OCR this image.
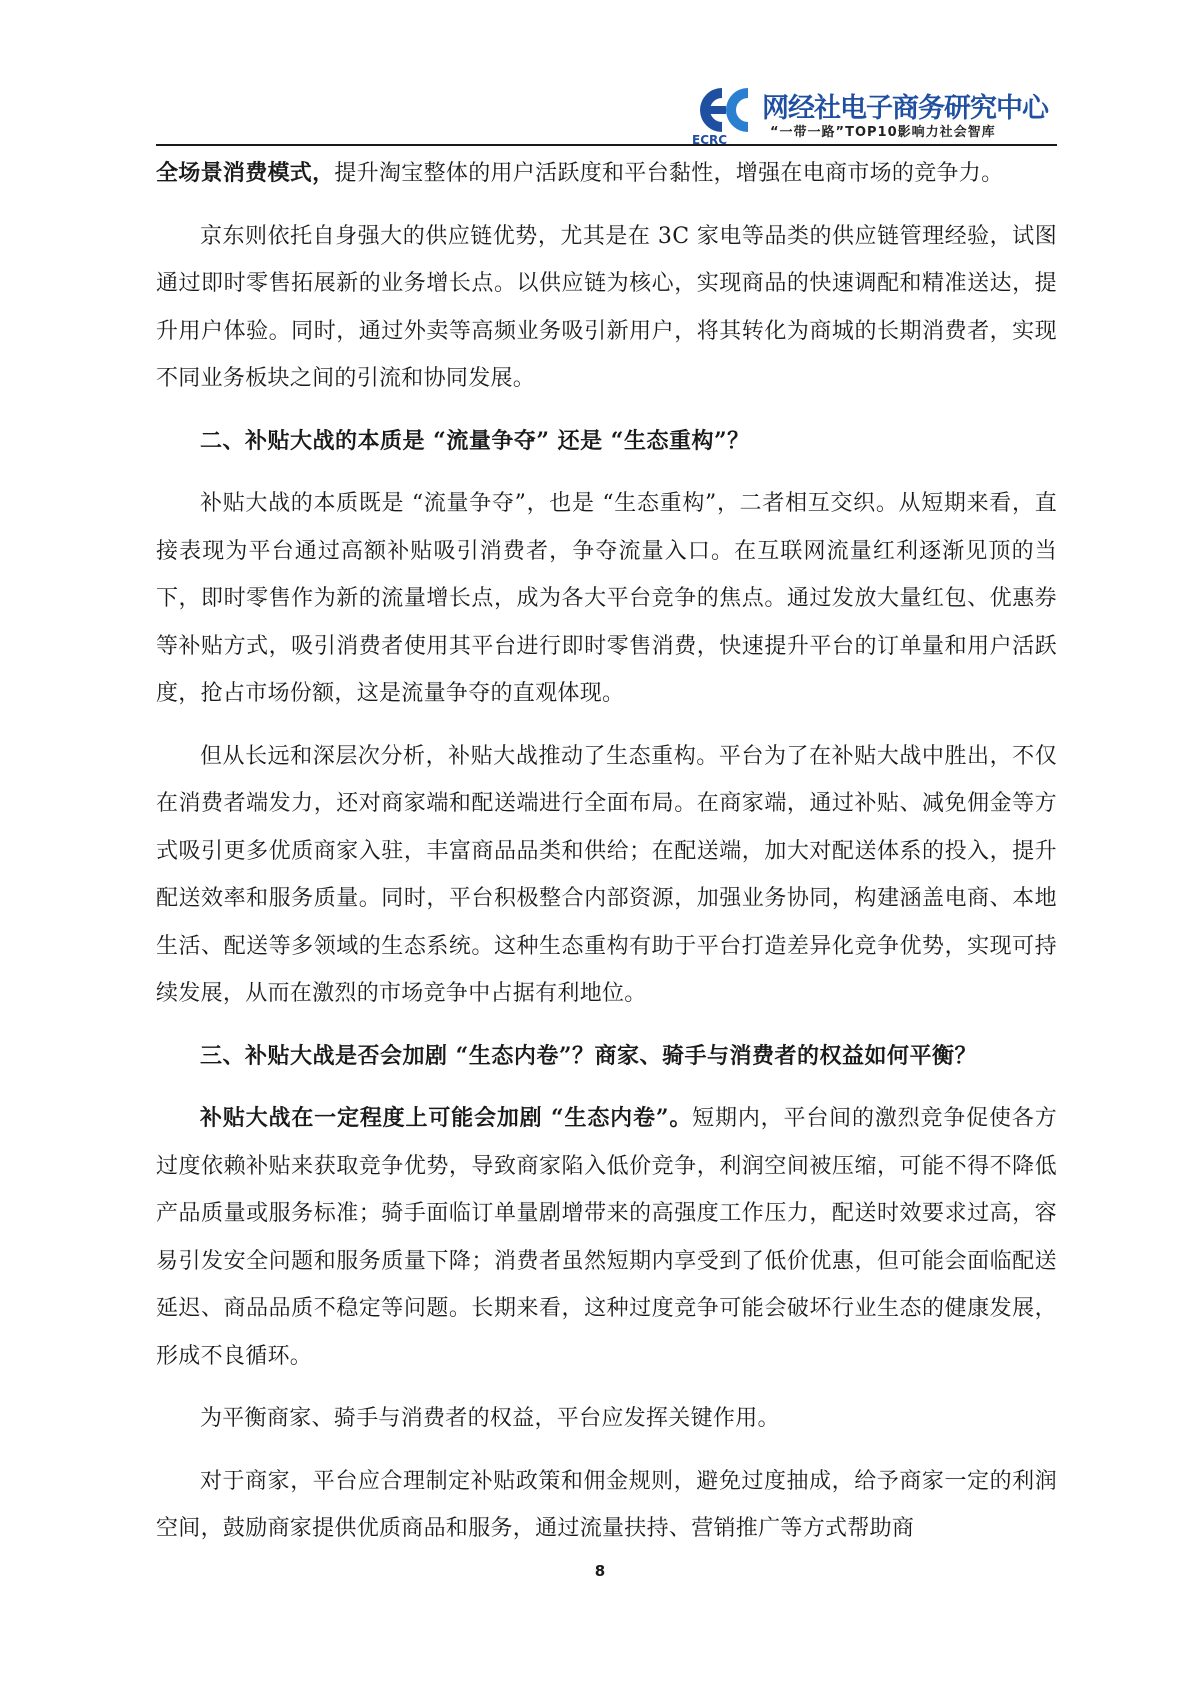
ECRC
网经社电子商务研究中心
“一带一路”TOP10影响力社会智库

全场景消费模式，提升淘宝整体的用户活跃度和平台黏性，增强在电商市场的竞争力。

京东则依托自身强大的供应链优势，尤其是在 3C 家电等品类的供应链管理经验，试图通过即时零售拓展新的业务增长点。以供应链为核心，实现商品的快速调配和精准送达，提升用户体验。同时，通过外卖等高频业务吸引新用户，将其转化为商城的长期消费者，实现不同业务板块之间的引流和协同发展。

二、补贴大战的本质是 “流量争夺” 还是 “生态重构”？

补贴大战的本质既是 “流量争夺”，也是 “生态重构”，二者相互交织。从短期来看，直接表现为平台通过高额补贴吸引消费者，争夺流量入口。在互联网流量红利逐渐见顶的当下，即时零售作为新的流量增长点，成为各大平台竞争的焦点。通过发放大量红包、优惠券等补贴方式，吸引消费者使用其平台进行即时零售消费，快速提升平台的订单量和用户活跃度，抢占市场份额，这是流量争夺的直观体现。

但从长远和深层次分析，补贴大战推动了生态重构。平台为了在补贴大战中胜出，不仅在消费者端发力，还对商家端和配送端进行全面布局。在商家端，通过补贴、减免佣金等方式吸引更多优质商家入驻，丰富商品品类和供给；在配送端，加大对配送体系的投入，提升配送效率和服务质量。同时，平台积极整合内部资源，加强业务协同，构建涵盖电商、本地生活、配送等多领域的生态系统。这种生态重构有助于平台打造差异化竞争优势，实现可持续发展，从而在激烈的市场竞争中占据有利地位。

三、补贴大战是否会加剧 “生态内卷”？商家、骑手与消费者的权益如何平衡？

补贴大战在一定程度上可能会加剧 “生态内卷”。短期内，平台间的激烈竞争促使各方过度依赖补贴来获取竞争优势，导致商家陷入低价竞争，利润空间被压缩，可能不得不降低产品质量或服务标准；骑手面临订单量剧增带来的高强度工作压力，配送时效要求过高，容易引发安全问题和服务质量下降；消费者虽然短期内享受到了低价优惠，但可能会面临配送延迟、商品品质不稳定等问题。长期来看，这种过度竞争可能会破坏行业生态的健康发展，形成不良循环。

为平衡商家、骑手与消费者的权益，平台应发挥关键作用。

对于商家，平台应合理制定补贴政策和佣金规则，避免过度抽成，给予商家一定的利润空间，鼓励商家提供优质商品和服务，通过流量扶持、营销推广等方式帮助商

8
